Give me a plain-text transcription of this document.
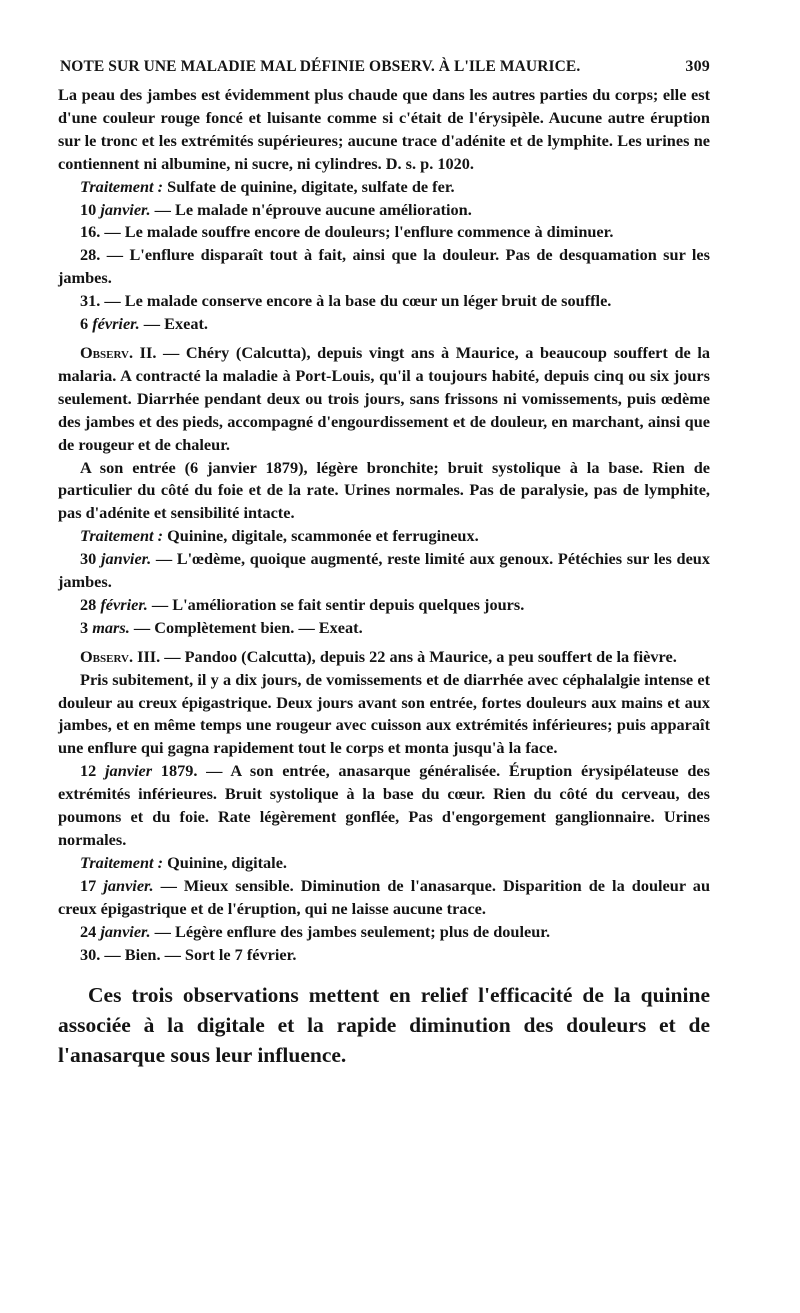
NOTE SUR UNE MALADIE MAL DÉFINIE OBSERV. À L'ILE MAURICE.	309

La peau des jambes est évidemment plus chaude que dans les autres parties du corps; elle est d'une couleur rouge foncé et luisante comme si c'était de l'érysipèle. Aucune autre éruption sur le tronc et les extrémités supérieures; aucune trace d'adénite et de lymphite. Les urines ne contiennent ni albumine, ni sucre, ni cylindres. D. s. p. 1020.

Traitement : Sulfate de quinine, digitate, sulfate de fer.

10 janvier. — Le malade n'éprouve aucune amélioration.

16. — Le malade souffre encore de douleurs; l'enflure commence à diminuer.

28. — L'enflure disparaît tout à fait, ainsi que la douleur. Pas de desquamation sur les jambes.

31. — Le malade conserve encore à la base du cœur un léger bruit de souffle.

6 février. — Exeat.

Observ. II. — Chéry (Calcutta), depuis vingt ans à Maurice, a beaucoup souffert de la malaria. A contracté la maladie à Port-Louis, qu'il a toujours habité, depuis cinq ou six jours seulement. Diarrhée pendant deux ou trois jours, sans frissons ni vomissements, puis œdème des jambes et des pieds, accompagné d'engourdissement et de douleur, en marchant, ainsi que de rougeur et de chaleur.

A son entrée (6 janvier 1879), légère bronchite; bruit systolique à la base. Rien de particulier du côté du foie et de la rate. Urines normales. Pas de paralysie, pas de lymphite, pas d'adénite et sensibilité intacte.

Traitement : Quinine, digitale, scammonée et ferrugineux.

30 janvier. — L'œdème, quoique augmenté, reste limité aux genoux. Pétéchies sur les deux jambes.

28 février. — L'amélioration se fait sentir depuis quelques jours.

3 mars. — Complètement bien. — Exeat.

Observ. III. — Pandoo (Calcutta), depuis 22 ans à Maurice, a peu souffert de la fièvre.

Pris subitement, il y a dix jours, de vomissements et de diarrhée avec céphalalgie intense et douleur au creux épigastrique. Deux jours avant son entrée, fortes douleurs aux mains et aux jambes, et en même temps une rougeur avec cuisson aux extrémités inférieures; puis apparaît une enflure qui gagna rapidement tout le corps et monta jusqu'à la face.

12 janvier 1879. — A son entrée, anasarque généralisée. Éruption érysipélateuse des extrémités inférieures. Bruit systolique à la base du cœur. Rien du côté du cerveau, des poumons et du foie. Rate légèrement gonflée, Pas d'engorgement ganglionnaire. Urines normales.

Traitement : Quinine, digitale.

17 janvier. — Mieux sensible. Diminution de l'anasarque. Disparition de la douleur au creux épigastrique et de l'éruption, qui ne laisse aucune trace.

24 janvier. — Légère enflure des jambes seulement; plus de douleur.

30. — Bien. — Sort le 7 février.

Ces trois observations mettent en relief l'efficacité de la quinine associée à la digitale et la rapide diminution des douleurs et de l'anasarque sous leur influence.
